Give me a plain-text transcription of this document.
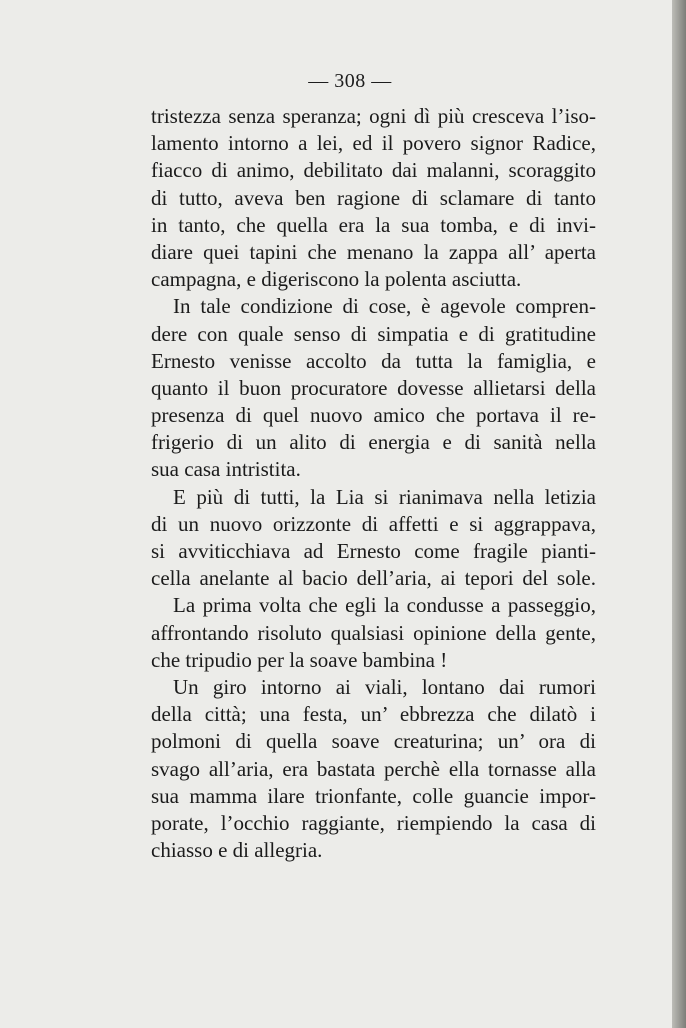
— 308 —
tristezza senza speranza; ogni dì più cresceva l’iso-
lamento intorno a lei, ed il povero signor Radice,
fiacco di animo, debilitato dai malanni, scoraggito
di tutto, aveva ben ragione di sclamare di tanto
in tanto, che quella era la sua tomba, e di invi-
diare quei tapini che menano la zappa all’ aperta
campagna, e digeriscono la polenta asciutta.
In tale condizione di cose, è agevole compren-
dere con quale senso di simpatia e di gratitudine
Ernesto venisse accolto da tutta la famiglia, e
quanto il buon procuratore dovesse allietarsi della
presenza di quel nuovo amico che portava il re-
frigerio di un alito di energia e di sanità nella
sua casa intristita.
E più di tutti, la Lia si rianimava nella letizia
di un nuovo orizzonte di affetti e si aggrappava,
si avviticchiava ad Ernesto come fragile pianti-
cella anelante al bacio dell’aria, ai tepori del sole.
La prima volta che egli la condusse a passeggio,
affrontando risoluto qualsiasi opinione della gente,
che tripudio per la soave bambina !
Un giro intorno ai viali, lontano dai rumori
della città; una festa, un’ ebbrezza che dilatò i
polmoni di quella soave creaturina; un’ ora di
svago all’aria, era bastata perchè ella tornasse alla
sua mamma ilare trionfante, colle guancie impor-
porate, l’occhio raggiante, riempiendo la casa di
chiasso e di allegria.
